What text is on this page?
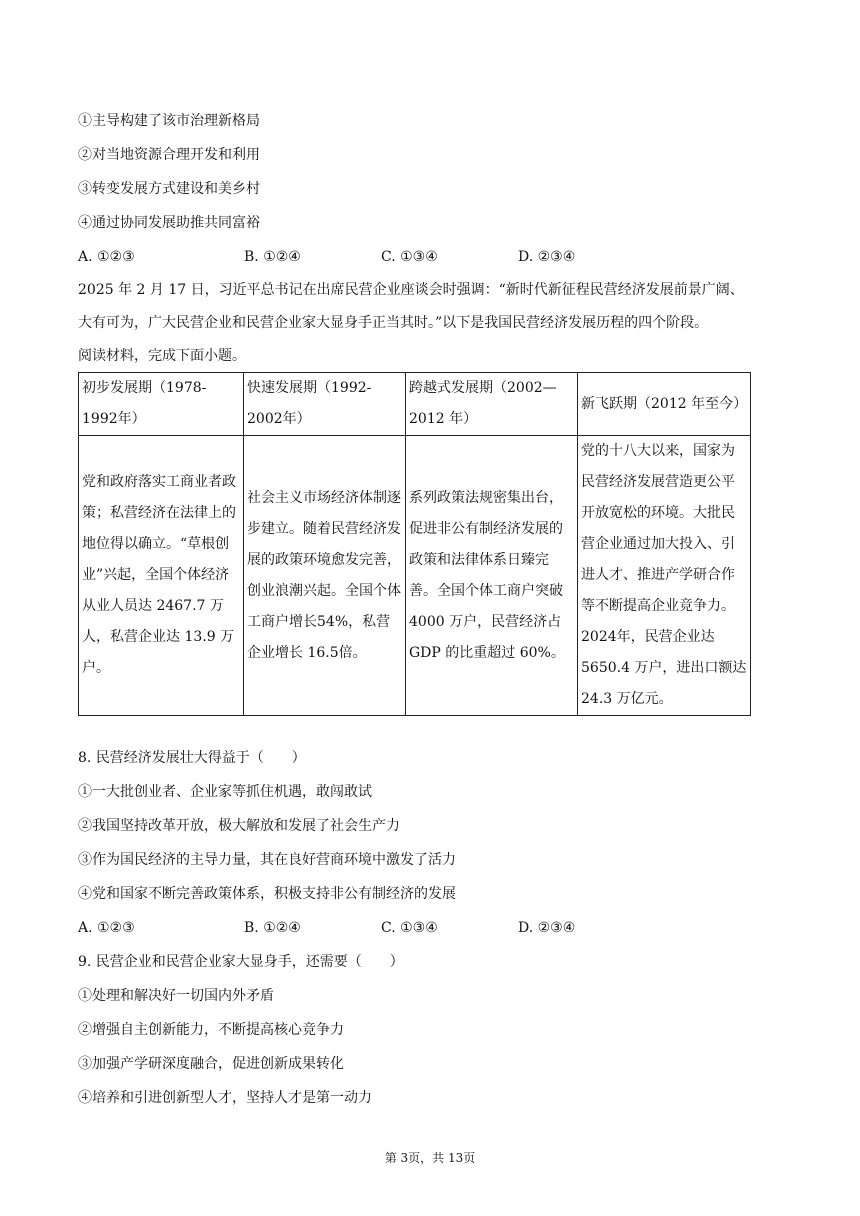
①主导构建了该市治理新格局
②对当地资源合理开发和利用
③转变发展方式建设和美乡村
④通过协同发展助推共同富裕
A. ①②③	B. ①②④	C. ①③④	D. ②③④
2025 年 2 月 17 日，习近平总书记在出席民营企业座谈会时强调：“新时代新征程民营经济发展前景广阔、
大有可为，广大民营企业和民营企业家大显身手正当其时。”以下是我国民营经济发展历程的四个阶段。
阅读材料，完成下面小题。
初步发展期（1978-1992年）	快速发展期（1992-2002年）	跨越式发展期（2002—2012 年）	新飞跃期（2012 年至今）
党和政府落实工商业者政策；私营经济在法律上的地位得以确立。“草根创业”兴起，全国个体经济从业人员达 2467.7 万人，私营企业达 13.9 万户。	社会主义市场经济体制逐步建立。随着民营经济发展的政策环境愈发完善，创业浪潮兴起。全国个体工商户增长54%，私营企业增长 16.5倍。	系列政策法规密集出台，促进非公有制经济发展的政策和法律体系日臻完善。全国个体工商户突破 4000 万户，民营经济占 GDP 的比重超过 60%。	党的十八大以来，国家为民营经济发展营造更公平开放宽松的环境。大批民营企业通过加大投入、引进人才、推进产学研合作等不断提高企业竞争力。2024年，民营企业达5650.4 万户，进出口额达24.3 万亿元。
8. 民营经济发展壮大得益于（　　）
①一大批创业者、企业家等抓住机遇，敢闯敢试
②我国坚持改革开放，极大解放和发展了社会生产力
③作为国民经济的主导力量，其在良好营商环境中激发了活力
④党和国家不断完善政策体系，积极支持非公有制经济的发展
A. ①②③	B. ①②④	C. ①③④	D. ②③④
9. 民营企业和民营企业家大显身手，还需要（　　）
①处理和解决好一切国内外矛盾
②增强自主创新能力，不断提高核心竞争力
③加强产学研深度融合，促进创新成果转化
④培养和引进创新型人才，坚持人才是第一动力
第 3页，共 13页
